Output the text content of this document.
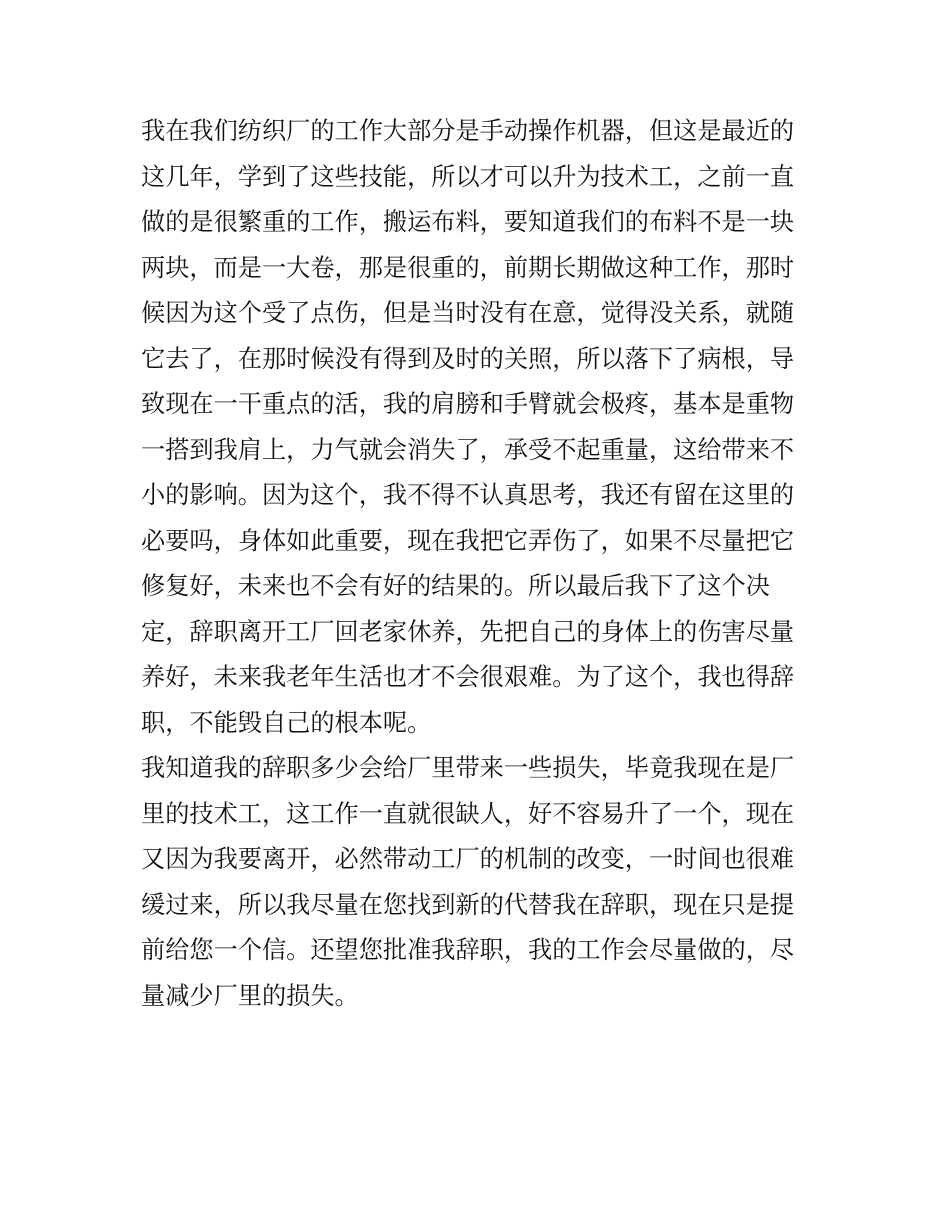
我在我们纺织厂的工作大部分是手动操作机器，但这是最近的
这几年，学到了这些技能，所以才可以升为技术工，之前一直
做的是很繁重的工作，搬运布料，要知道我们的布料不是一块
两块，而是一大卷，那是很重的，前期长期做这种工作，那时
候因为这个受了点伤，但是当时没有在意，觉得没关系，就随
它去了，在那时候没有得到及时的关照，所以落下了病根，导
致现在一干重点的活，我的肩膀和手臂就会极疼，基本是重物
一搭到我肩上，力气就会消失了，承受不起重量，这给带来不
小的影响。因为这个，我不得不认真思考，我还有留在这里的
必要吗，身体如此重要，现在我把它弄伤了，如果不尽量把它
修复好，未来也不会有好的结果的。所以最后我下了这个决
定，辞职离开工厂回老家休养，先把自己的身体上的伤害尽量
养好，未来我老年生活也才不会很艰难。为了这个，我也得辞
职，不能毁自己的根本呢。
我知道我的辞职多少会给厂里带来一些损失，毕竟我现在是厂
里的技术工，这工作一直就很缺人，好不容易升了一个，现在
又因为我要离开，必然带动工厂的机制的改变，一时间也很难
缓过来，所以我尽量在您找到新的代替我在辞职，现在只是提
前给您一个信。还望您批准我辞职，我的工作会尽量做的，尽
量减少厂里的损失。
